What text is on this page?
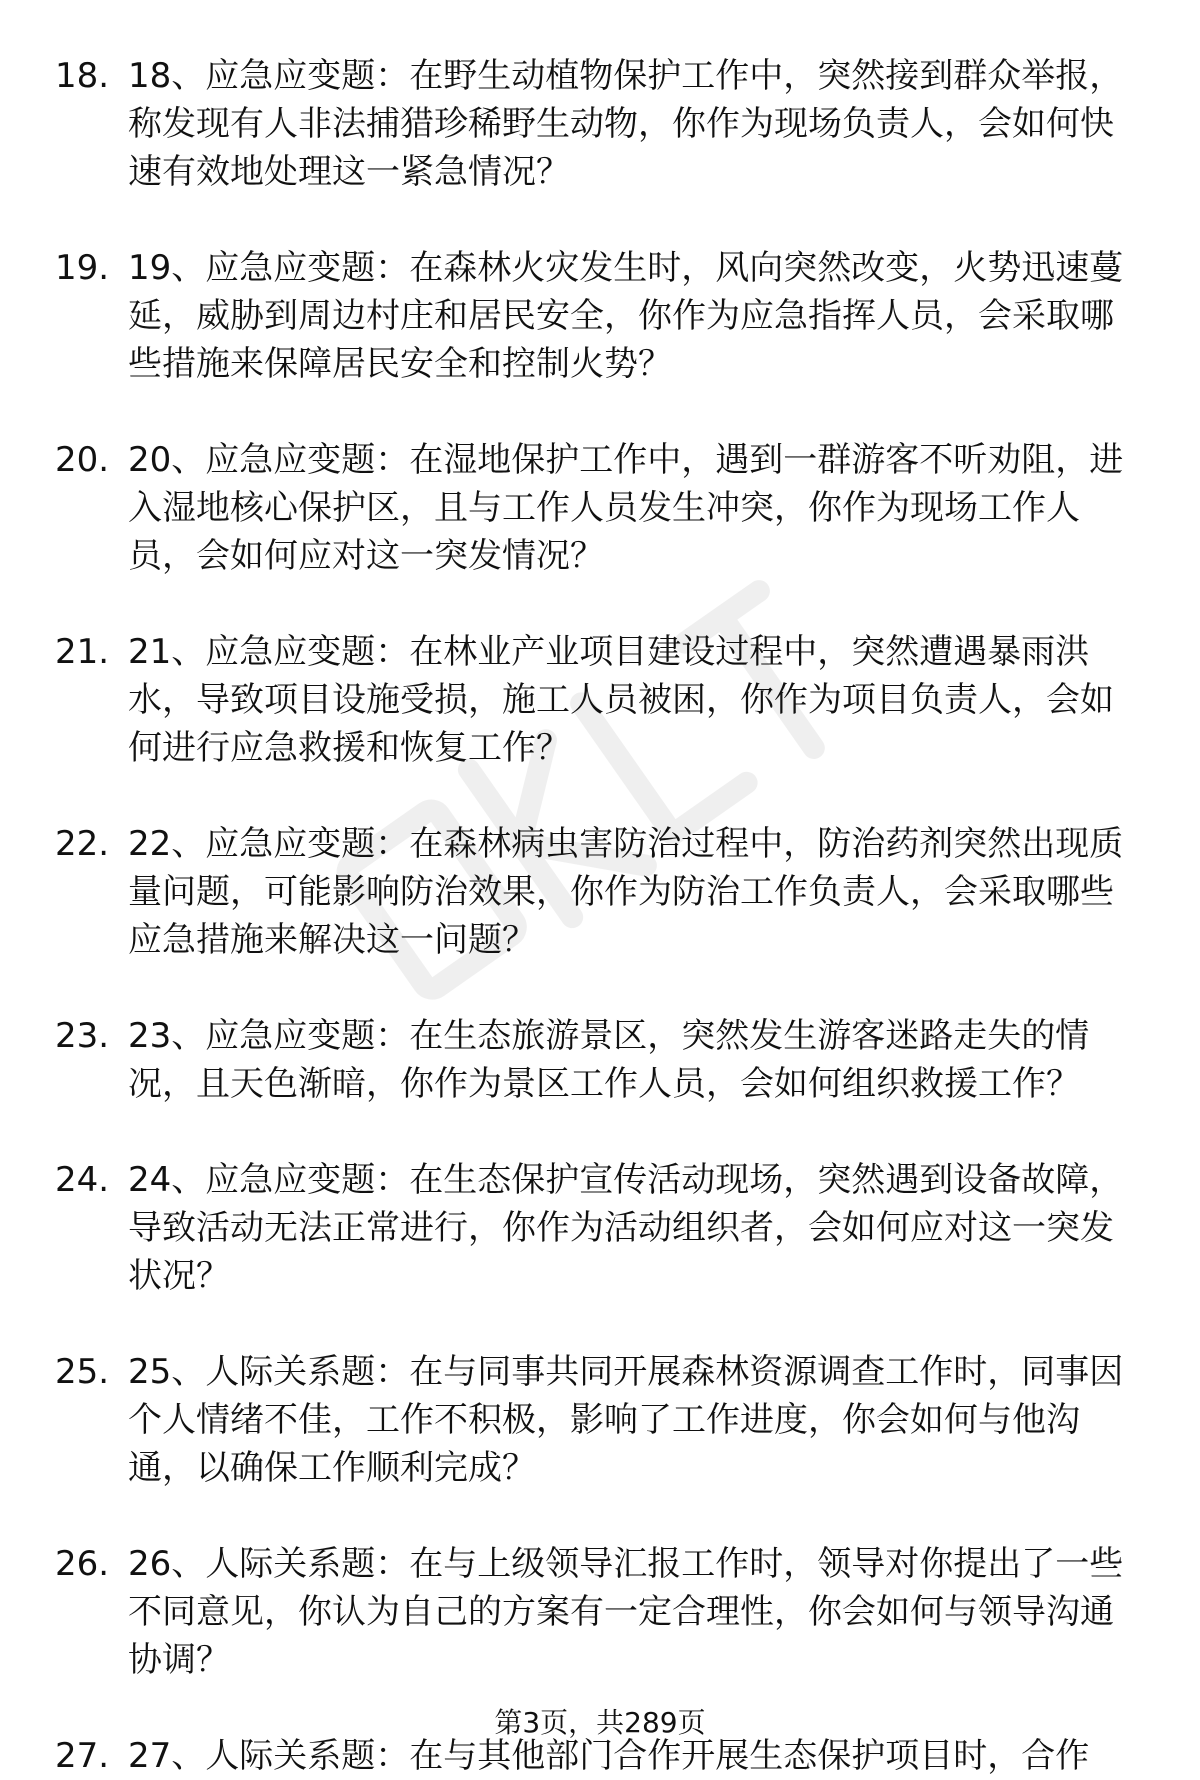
18. 18、应急应变题：在野生动植物保护工作中，突然接到群众举报，称发现有人非法捕猎珍稀野生动物，你作为现场负责人，会如何快速有效地处理这一紧急情况？
19. 19、应急应变题：在森林火灾发生时，风向突然改变，火势迅速蔓延，威胁到周边村庄和居民安全，你作为应急指挥人员，会采取哪些措施来保障居民安全和控制火势？
20. 20、应急应变题：在湿地保护工作中，遇到一群游客不听劝阻，进入湿地核心保护区，且与工作人员发生冲突，你作为现场工作人员，会如何应对这一突发情况？
21. 21、应急应变题：在林业产业项目建设过程中，突然遭遇暴雨洪水，导致项目设施受损，施工人员被困，你作为项目负责人，会如何进行应急救援和恢复工作？
22. 22、应急应变题：在森林病虫害防治过程中，防治药剂突然出现质量问题，可能影响防治效果，你作为防治工作负责人，会采取哪些应急措施来解决这一问题？
23. 23、应急应变题：在生态旅游景区，突然发生游客迷路走失的情况，且天色渐暗，你作为景区工作人员，会如何组织救援工作？
24. 24、应急应变题：在生态保护宣传活动现场，突然遇到设备故障，导致活动无法正常进行，你作为活动组织者，会如何应对这一突发状况？
25. 25、人际关系题：在与同事共同开展森林资源调查工作时，同事因个人情绪不佳，工作不积极，影响了工作进度，你会如何与他沟通，以确保工作顺利完成？
26. 26、人际关系题：在与上级领导汇报工作时，领导对你提出了一些不同意见，你认为自己的方案有一定合理性，你会如何与领导沟通协调？
27. 27、人际关系题：在与其他部门合作开展生态保护项目时，合作
第3页，共289页
